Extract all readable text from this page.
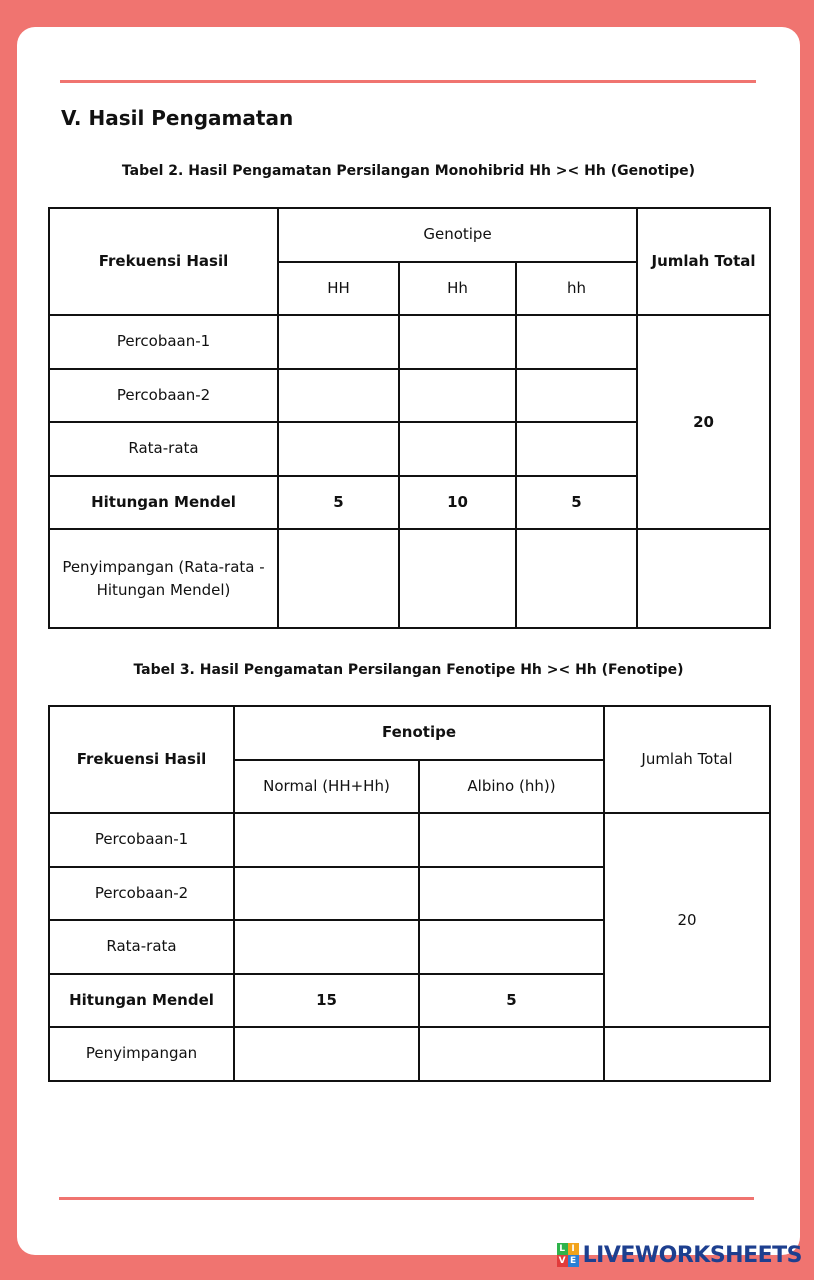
V. Hasil Pengamatan
Tabel 2. Hasil Pengamatan Persilangan Monohibrid Hh >< Hh (Genotipe)
Frekuensi Hasil	Genotipe			Jumlah Total
	HH	Hh	hh	
Percobaan-1				20
Percobaan-2				
Rata-rata				
Hitungan Mendel	5	10	5	
Penyimpangan (Rata-rata - Hitungan Mendel)				
Tabel 3. Hasil Pengamatan Persilangan Fenotipe Hh >< Hh (Fenotipe)
Frekuensi Hasil	Fenotipe		Jumlah Total
	Normal (HH+Hh)	Albino (hh))	
Percobaan-1			20
Percobaan-2			
Rata-rata			
Hitungan Mendel	15	5	
Penyimpangan			
L I
V E LIVEWORKSHEETS
